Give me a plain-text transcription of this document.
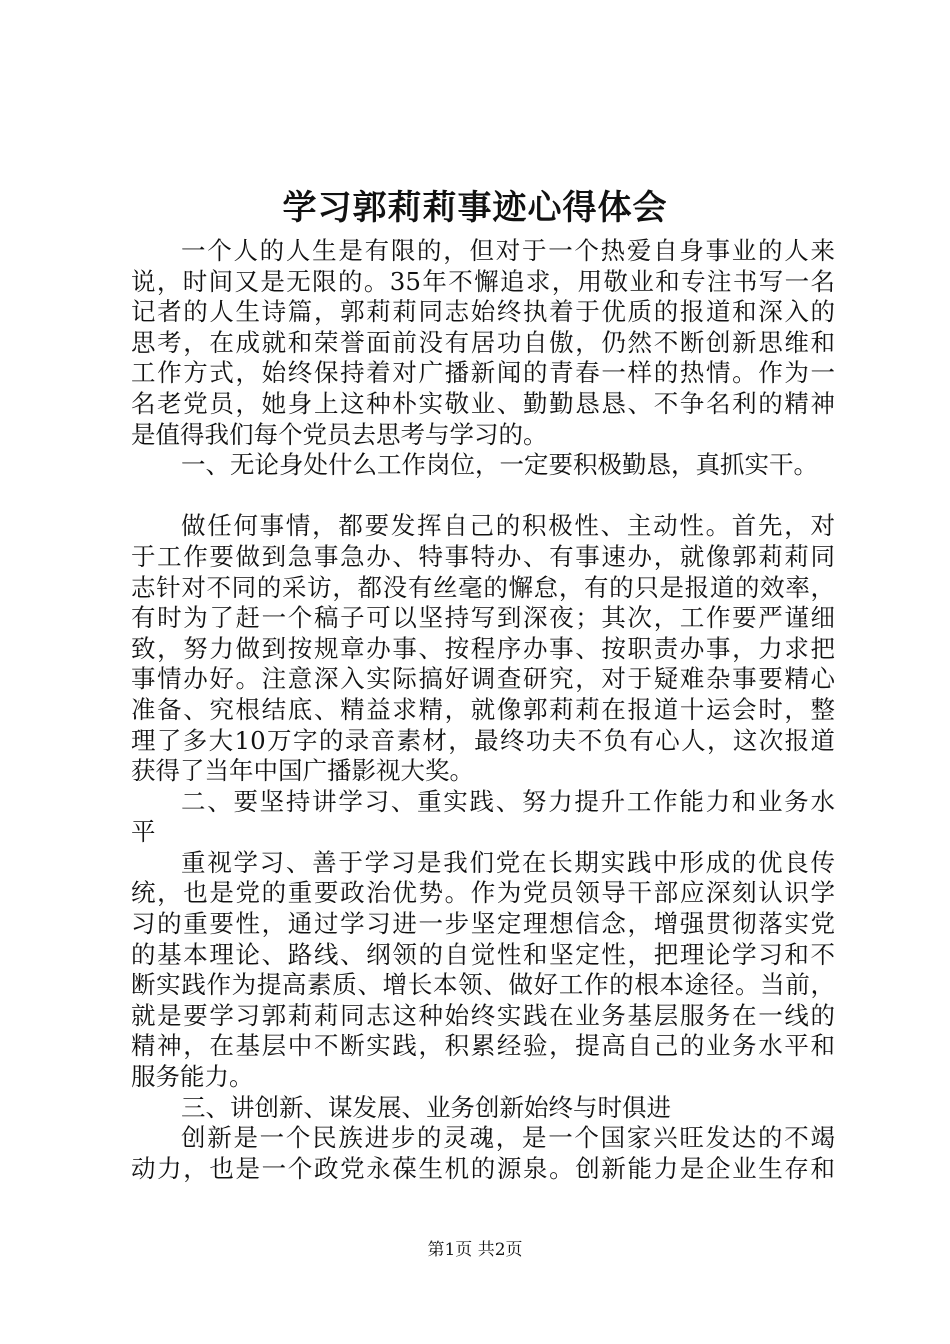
学习郭莉莉事迹心得体会
一个人的人生是有限的，但对于一个热爱自身事业的人来
说，时间又是无限的。35年不懈追求，用敬业和专注书写一名
记者的人生诗篇，郭莉莉同志始终执着于优质的报道和深入的
思考，在成就和荣誉面前没有居功自傲，仍然不断创新思维和
工作方式，始终保持着对广播新闻的青春一样的热情。作为一
名老党员，她身上这种朴实敬业、勤勤恳恳、不争名利的精神
是值得我们每个党员去思考与学习的。
一、无论身处什么工作岗位，一定要积极勤恳，真抓实干。
做任何事情，都要发挥自己的积极性、主动性。首先，对
于工作要做到急事急办、特事特办、有事速办，就像郭莉莉同
志针对不同的采访，都没有丝毫的懈怠，有的只是报道的效率，
有时为了赶一个稿子可以坚持写到深夜；其次，工作要严谨细
致，努力做到按规章办事、按程序办事、按职责办事，力求把
事情办好。注意深入实际搞好调查研究，对于疑难杂事要精心
准备、究根结底、精益求精，就像郭莉莉在报道十运会时，整
理了多大10万字的录音素材，最终功夫不负有心人，这次报道
获得了当年中国广播影视大奖。
二、要坚持讲学习、重实践、努力提升工作能力和业务水
平
重视学习、善于学习是我们党在长期实践中形成的优良传
统，也是党的重要政治优势。作为党员领导干部应深刻认识学
习的重要性，通过学习进一步坚定理想信念，增强贯彻落实党
的基本理论、路线、纲领的自觉性和坚定性，把理论学习和不
断实践作为提高素质、增长本领、做好工作的根本途径。当前，
就是要学习郭莉莉同志这种始终实践在业务基层服务在一线的
精神，在基层中不断实践，积累经验，提高自己的业务水平和
服务能力。
三、讲创新、谋发展、业务创新始终与时俱进
创新是一个民族进步的灵魂，是一个国家兴旺发达的不竭
动力，也是一个政党永葆生机的源泉。创新能力是企业生存和
第1页 共2页
